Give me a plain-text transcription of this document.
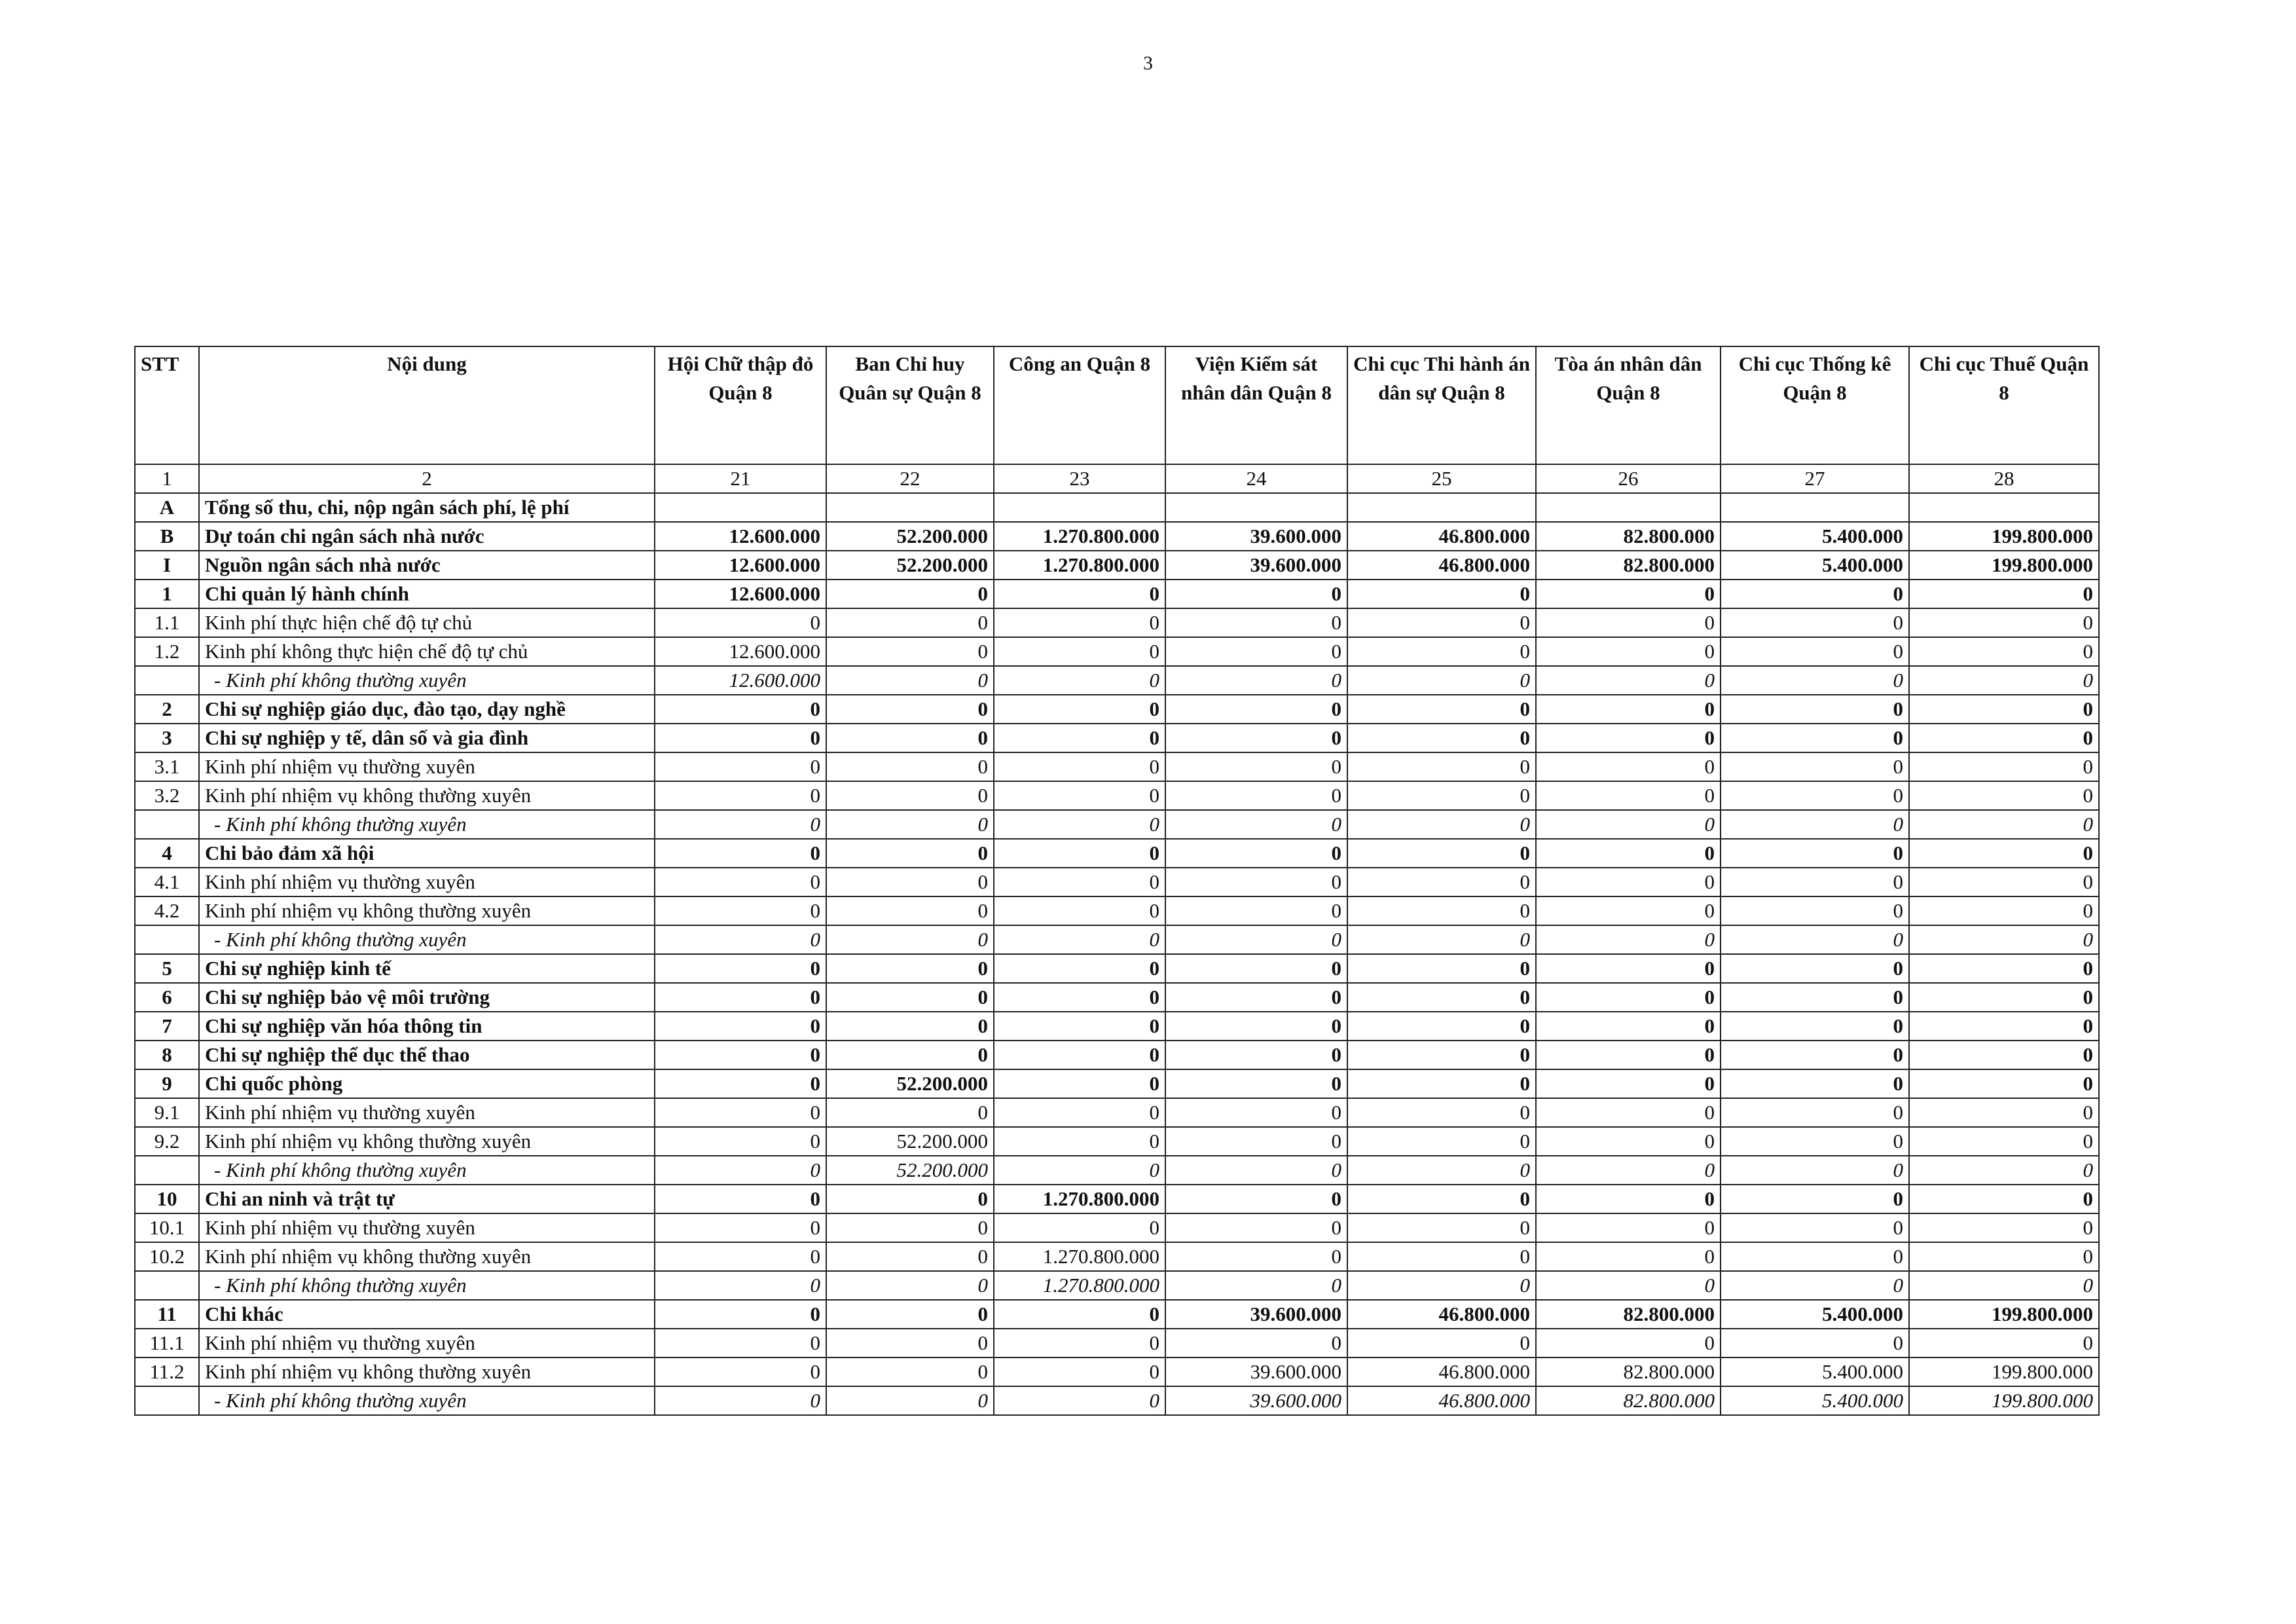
3
STT	Nội dung	Hội Chữ thập đỏ Quận 8	Ban Chỉ huy Quân sự Quận 8	Công an Quận 8	Viện Kiểm sát nhân dân Quận 8	Chi cục Thi hành án dân sự Quận 8	Tòa án nhân dân Quận 8	Chi cục Thống kê Quận 8	Chi cục Thuế Quận 8
1	2	21	22	23	24	25	26	27	28
A	Tổng số thu, chi, nộp ngân sách phí, lệ phí								
B	Dự toán chi ngân sách nhà nước	12.600.000	52.200.000	1.270.800.000	39.600.000	46.800.000	82.800.000	5.400.000	199.800.000
I	Nguồn ngân sách nhà nước	12.600.000	52.200.000	1.270.800.000	39.600.000	46.800.000	82.800.000	5.400.000	199.800.000
1	Chi quản lý hành chính	12.600.000	0	0	0	0	0	0	0
1.1	Kinh phí thực hiện chế độ tự chủ	0	0	0	0	0	0	0	0
1.2	Kinh phí không thực hiện chế độ tự chủ	12.600.000	0	0	0	0	0	0	0
	- Kinh phí không thường xuyên	12.600.000	0	0	0	0	0	0	0
2	Chi sự nghiệp giáo dục, đào tạo, dạy nghề	0	0	0	0	0	0	0	0
3	Chi sự nghiệp y tế, dân số và gia đình	0	0	0	0	0	0	0	0
3.1	Kinh phí nhiệm vụ thường xuyên	0	0	0	0	0	0	0	0
3.2	Kinh phí nhiệm vụ không thường xuyên	0	0	0	0	0	0	0	0
	- Kinh phí không thường xuyên	0	0	0	0	0	0	0	0
4	Chi bảo đảm xã hội	0	0	0	0	0	0	0	0
4.1	Kinh phí nhiệm vụ thường xuyên	0	0	0	0	0	0	0	0
4.2	Kinh phí nhiệm vụ không thường xuyên	0	0	0	0	0	0	0	0
	- Kinh phí không thường xuyên	0	0	0	0	0	0	0	0
5	Chi sự nghiệp kinh tế	0	0	0	0	0	0	0	0
6	Chi sự nghiệp bảo vệ môi trường	0	0	0	0	0	0	0	0
7	Chi sự nghiệp văn hóa thông tin	0	0	0	0	0	0	0	0
8	Chi sự nghiệp thể dục thể thao	0	0	0	0	0	0	0	0
9	Chi quốc phòng	0	52.200.000	0	0	0	0	0	0
9.1	Kinh phí nhiệm vụ thường xuyên	0	0	0	0	0	0	0	0
9.2	Kinh phí nhiệm vụ không thường xuyên	0	52.200.000	0	0	0	0	0	0
	- Kinh phí không thường xuyên	0	52.200.000	0	0	0	0	0	0
10	Chi an ninh và trật tự	0	0	1.270.800.000	0	0	0	0	0
10.1	Kinh phí nhiệm vụ thường xuyên	0	0	0	0	0	0	0	0
10.2	Kinh phí nhiệm vụ không thường xuyên	0	0	1.270.800.000	0	0	0	0	0
	- Kinh phí không thường xuyên	0	0	1.270.800.000	0	0	0	0	0
11	Chi khác	0	0	0	39.600.000	46.800.000	82.800.000	5.400.000	199.800.000
11.1	Kinh phí nhiệm vụ thường xuyên	0	0	0	0	0	0	0	0
11.2	Kinh phí nhiệm vụ không thường xuyên	0	0	0	39.600.000	46.800.000	82.800.000	5.400.000	199.800.000
	- Kinh phí không thường xuyên	0	0	0	39.600.000	46.800.000	82.800.000	5.400.000	199.800.000
